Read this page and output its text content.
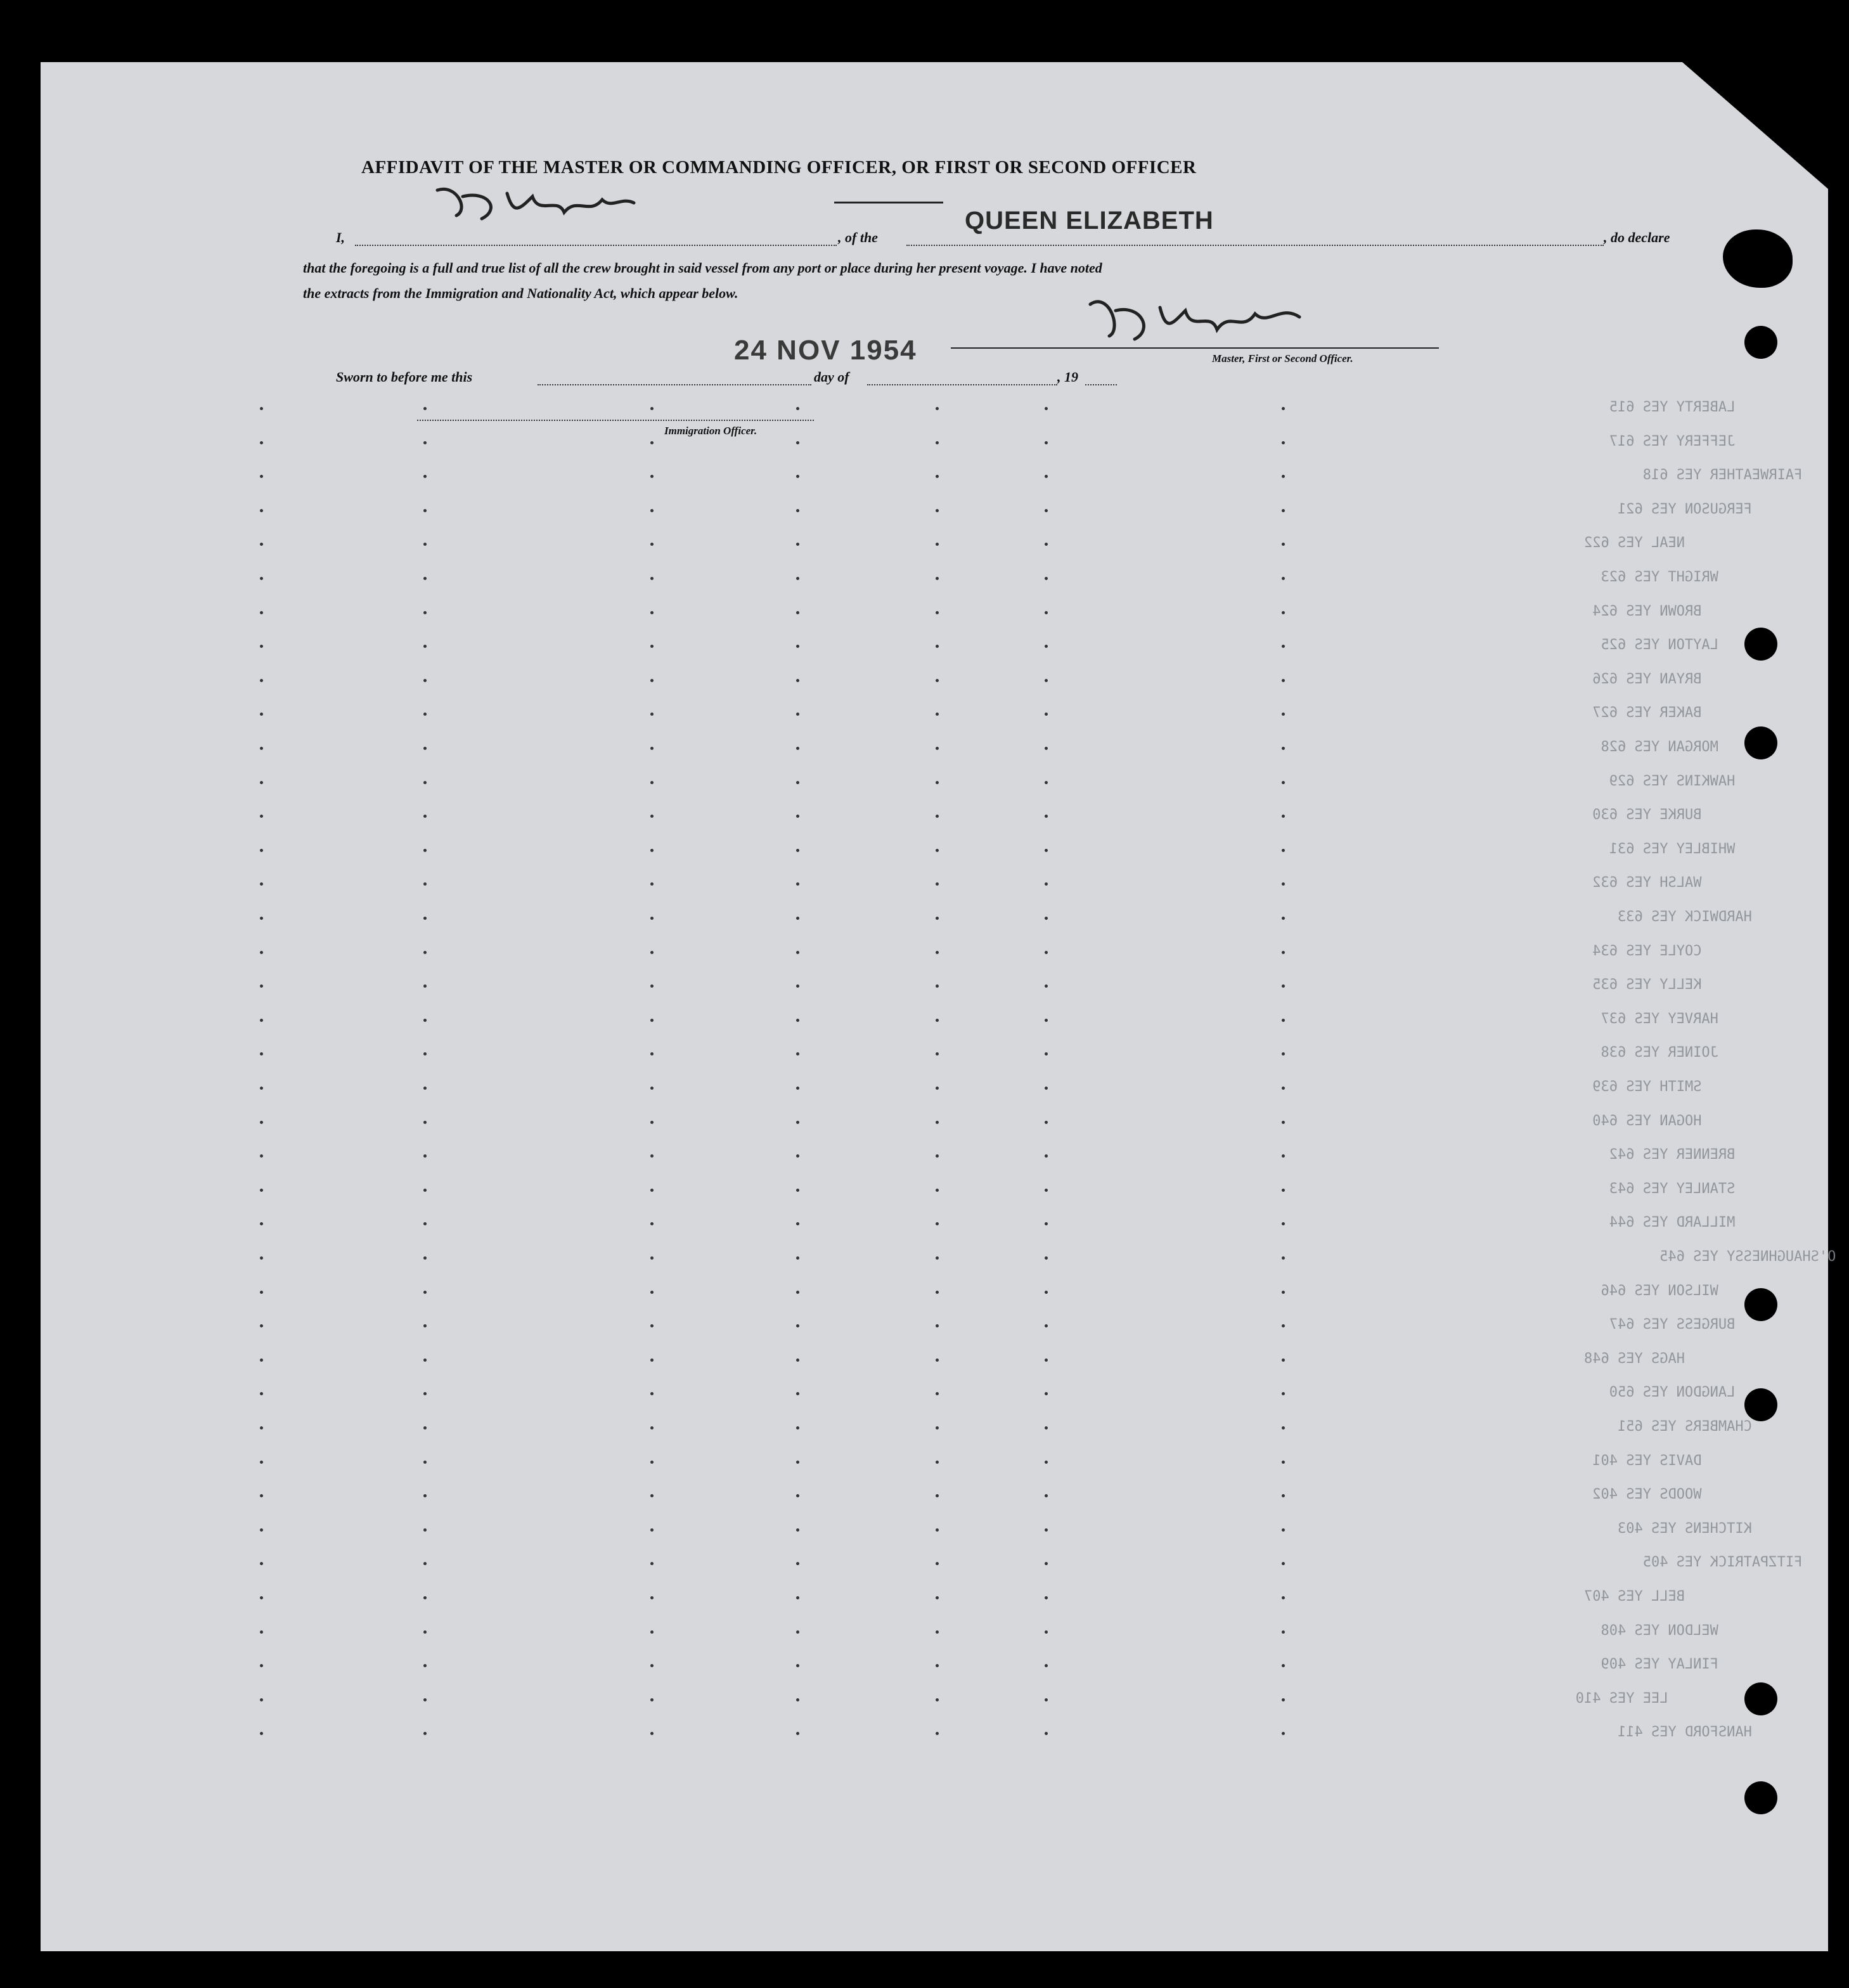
LABERTY YES 615
JEFFERY YES 617
FAIRWEATHER YES 618
FERGUSON YES 621
NEAL YES 622
WRIGHT YES 623
BROWN YES 624
LAYTON YES 625
BRYAN YES 626
BAKER YES 627
MORGAN YES 628
HAWKINS YES 629
BURKE YES 630
WHIBLEY YES 631
WALSH YES 632
HARDWICK YES 633
COYLE YES 634
KELLY YES 635
HARVEY YES 637
JOINER YES 638
SMITH YES 639
HOGAN YES 640
BRENNER YES 642
STANLEY YES 643
MILLARD YES 644
O'SHAUGHNESSY YES 645
WILSON YES 646
BURGESS YES 647
HAGS YES 648
LANGDON YES 650
CHAMBERS YES 651
DAVIS YES 401
WOODS YES 402
KITCHENS YES 403
FITZPATRICK YES 405
BELL YES 407
WELDON YES 408
FINLAY YES 409
LEE YES 410
HANSFORD YES 411
AFFIDAVIT OF THE MASTER OR COMMANDING OFFICER, OR FIRST OR SECOND OFFICER
I,	, of the
QUEEN ELIZABETH
, do declare
that the foregoing is a full and true list of all the crew brought in said vessel from any port or place during her present voyage. I have noted
the extracts from the Immigration and Nationality Act, which appear below.
Master, First or Second Officer.
24 NOV 1954
Sworn to before me this	day of	, 19
Immigration Officer.
